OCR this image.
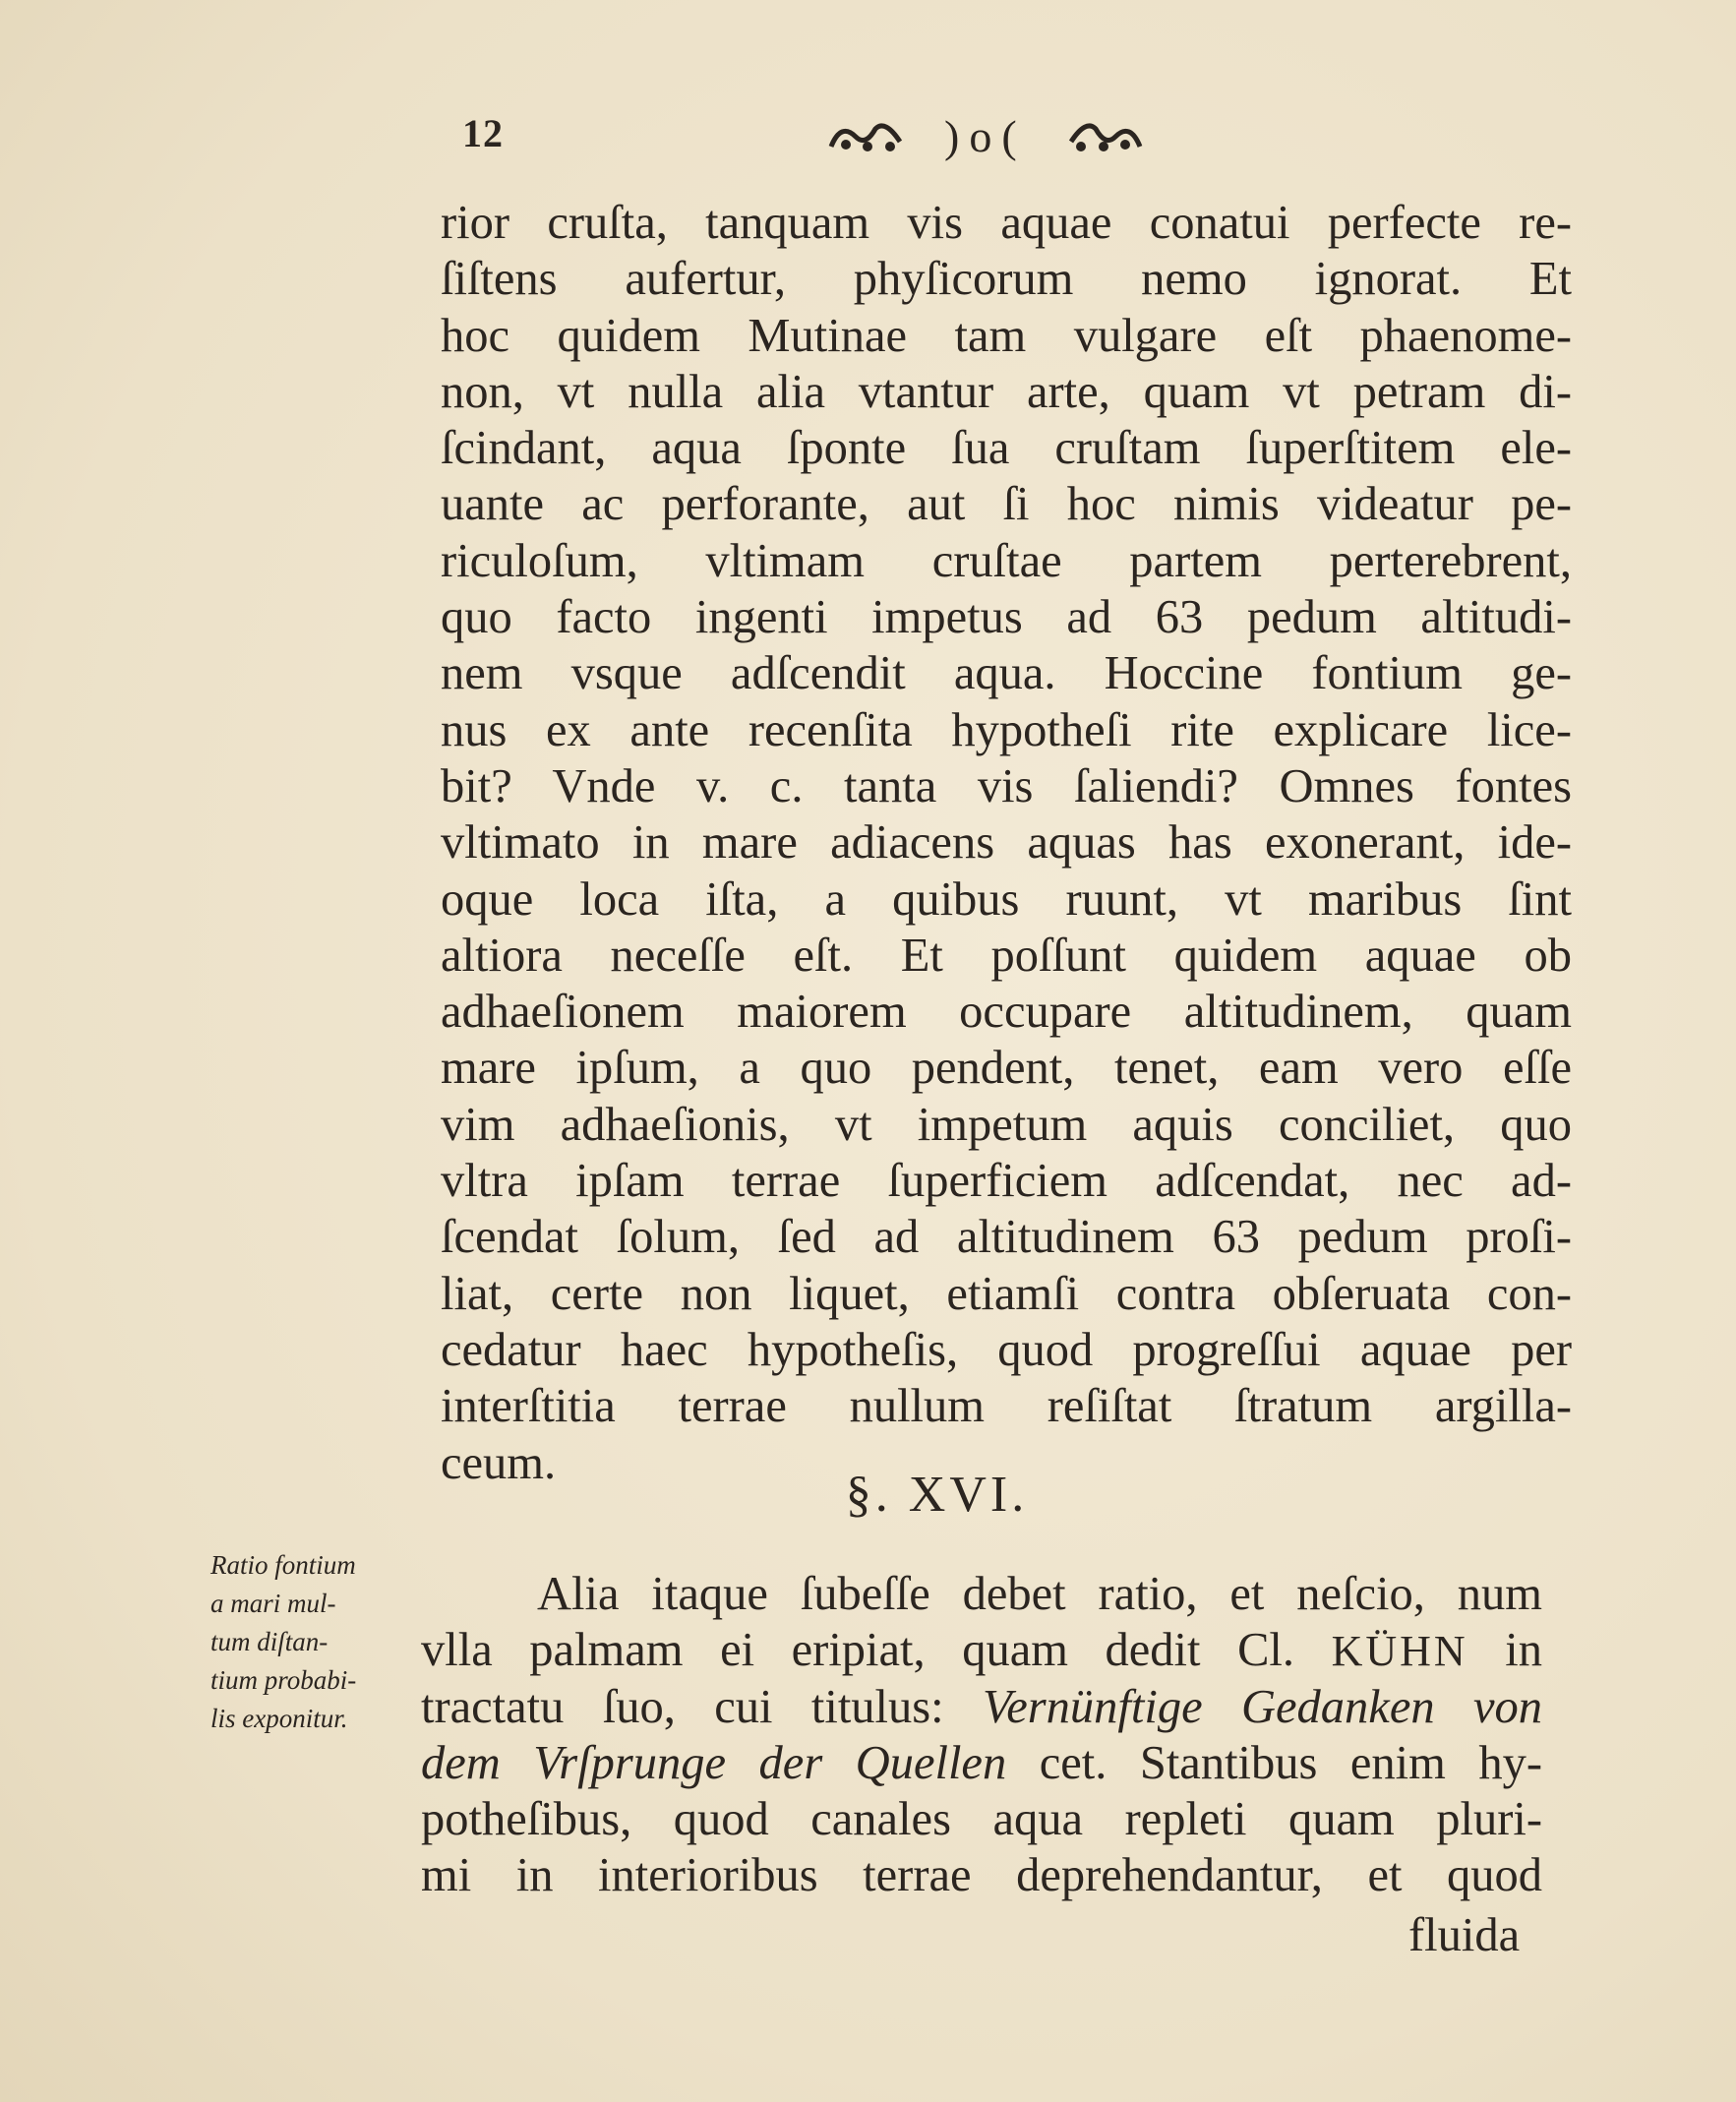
12	)o(
rior cruſta, tanquam vis aquae conatui perfecte re-
ſiſtens aufertur, phyſicorum nemo ignorat. Et
hoc quidem Mutinae tam vulgare eſt phaenome-
non, vt nulla alia vtantur arte, quam vt petram di-
ſcindant, aqua ſponte ſua cruſtam ſuperſtitem ele-
uante ac perforante, aut ſi hoc nimis videatur pe-
riculoſum, vltimam cruſtae partem perterebrent,
quo facto ingenti impetus ad 63 pedum altitudi-
nem vsque adſcendit aqua. Hoccine fontium ge-
nus ex ante recenſita hypotheſi rite explicare lice-
bit? Vnde v. c. tanta vis ſaliendi? Omnes fontes
vltimato in mare adiacens aquas has exonerant, ide-
oque loca iſta, a quibus ruunt, vt maribus ſint
altiora neceſſe eſt. Et poſſunt quidem aquae ob
adhaeſionem maiorem occupare altitudinem, quam
mare ipſum, a quo pendent, tenet, eam vero eſſe
vim adhaeſionis, vt impetum aquis conciliet, quo
vltra ipſam terrae ſuperficiem adſcendat, nec ad-
ſcendat ſolum, ſed ad altitudinem 63 pedum proſi-
liat, certe non liquet, etiamſi contra obſeruata con-
cedatur haec hypotheſis, quod progreſſui aquae per
interſtitia terrae nullum reſiſtat ſtratum argilla-
ceum.
§. XVI.
Ratio fontium
a mari mul-
tum diſtan-
tium probabi-
lis exponitur.
Alia itaque ſubeſſe debet ratio, et neſcio, num
vlla palmam ei eripiat, quam dedit Cl. KÜHN in
tractatu ſuo, cui titulus: Vernünftige Gedanken von
dem Vrſprunge der Quellen cet. Stantibus enim hy-
potheſibus, quod canales aqua repleti quam pluri-
mi in interioribus terrae deprehendantur, et quod
fluida
